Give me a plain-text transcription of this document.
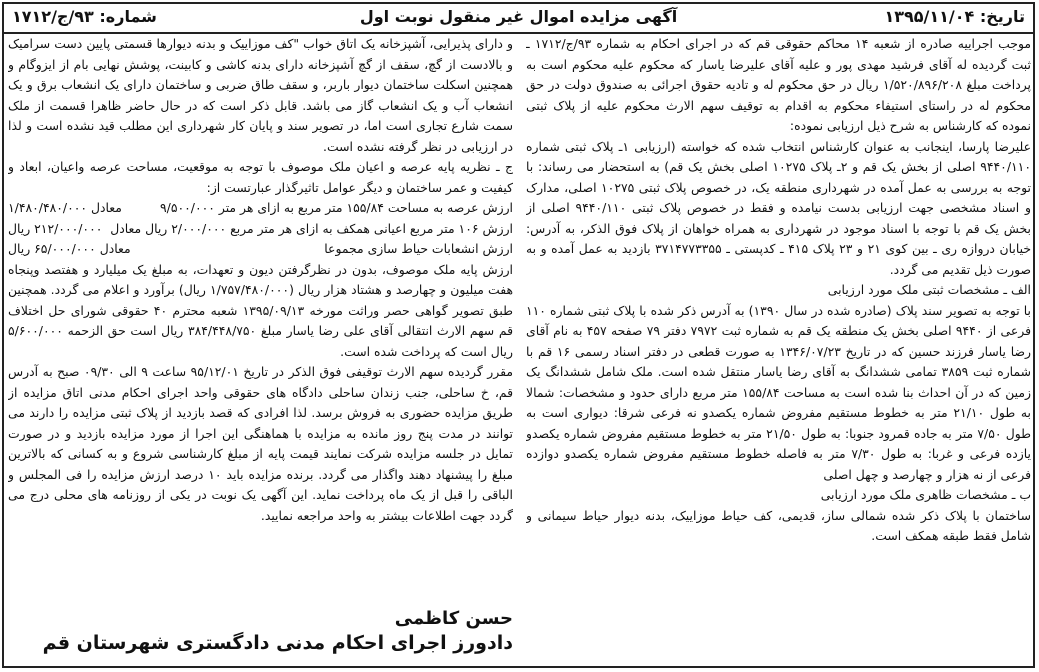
آگهی مزایده اموال غیر منقول نوبت اول	تاریخ: ۱۳۹۵/۱۱/۰۴
شماره: ۹۳/ج/۱۷۱۲

موجب اجراییه صادره از شعبه ۱۴ محاکم حقوقی قم که در اجرای احکام به شماره ۹۳/ج/۱۷۱۲ ـ ثبت گردیده له آقای فرشید مهدی پور و علیه آقای علیرضا یاسار که محکوم علیه محکوم است به پرداخت مبلغ ۱/۵۲۰/۸۹۶/۲۰۸ ریال در حق محکوم له و تادیه حقوق اجرائی به صندوق دولت در حق محکوم له در راستای استیفاء محکوم به اقدام به توقیف سهم الارث محکوم علیه از پلاک ثبتی نموده که کارشناس به شرح ذیل ارزیابی نموده:

علیرضا پارسا، اینجانب به عنوان کارشناس انتخاب شده که خواسته (ارزیابی ۱ـ پلاک ثبتی شماره ۹۴۴۰/۱۱۰ اصلی از بخش یک قم و ۲ـ پلاک ۱۰۲۷۵ اصلی بخش یک قم) به استحضار می رساند: با توجه به بررسی به عمل آمده در شهرداری منطقه یک، در خصوص پلاک ثبتی ۱۰۲۷۵ اصلی، مدارک و اسناد مشخصی جهت ارزیابی بدست نیامده و فقط در خصوص پلاک ثبتی ۹۴۴۰/۱۱۰ اصلی از بخش یک قم با توجه با اسناد موجود در شهرداری به همراه خواهان از پلاک فوق الذکر، به آدرس: خیابان دروازه ری ـ بین کوی ۲۱ و ۲۳ پلاک ۴۱۵ ـ کدپستی ـ ۳۷۱۴۷۷۳۳۵۵ بازدید به عمل آمده و به صورت ذیل تقدیم می گردد.

الف ـ مشخصات ثبتی ملک مورد ارزیابی

با توجه به تصویر سند پلاک (صادره شده در سال ۱۳۹۰) به آدرس ذکر شده با پلاک ثبتی شماره ۱۱۰ فرعی از ۹۴۴۰ اصلی بخش یک منطقه یک قم به شماره ثبت ۷۹۷۲ دفتر ۷۹ صفحه ۴۵۷ به نام آقای رضا یاسار فرزند حسین که در تاریخ ۱۳۴۶/۰۷/۲۳ به صورت قطعی در دفتر اسناد رسمی ۱۶ قم با شماره ثبت ۳۸۵۹ تمامی ششدانگ به آقای رضا یاسار منتقل شده است. ملک شامل ششدانگ یک زمین که در آن احداث بنا شده است به مساحت ۱۵۵/۸۴ متر مربع دارای حدود و مشخصات: شمالا به طول ۲۱/۱۰ متر به خطوط مستقیم مفروض شماره یکصدو نه فرعی شرقا: دیواری است به طول ۷/۵۰ متر به جاده قمرود جنوبا: به طول ۲۱/۵۰ متر به خطوط مستقیم مفروض شماره یکصدو یازده فرعی و غربا: به طول ۷/۳۰ متر به فاصله خطوط مستقیم مفروض شماره یکصدو دوازده فرعی از نه هزار و چهارصد و چهل اصلی

ب ـ مشخصات ظاهری ملک مورد ارزیابی

ساختمان با پلاک ذکر شده شمالی ساز، قدیمی، کف حیاط موزاییک، بدنه دیوار حیاط سیمانی و شامل فقط طبقه همکف است.

و دارای پذیرایی، آشپزخانه یک اتاق خواب "کف موزاییک و بدنه دیوارها قسمتی پایین دست سرامیک و بالادست از گچ، سقف از گچ آشپزخانه دارای بدنه کاشی و کابینت، پوشش نهایی بام از ایزوگام و همچنین اسکلت ساختمان دیوار باربر، و سقف طاق ضربی و ساختمان دارای یک انشعاب برق و یک انشعاب آب و یک انشعاب گاز می باشد. قابل ذکر است که در حال حاضر ظاهرا قسمت از ملک سمت شارع تجاری است اما، در تصویر سند و پایان کار شهرداری این مطلب قید نشده است و لذا در ارزیابی در نظر گرفته نشده است.

ج ـ نظریه پایه عرصه و اعیان ملک موصوف با توجه به موقعیت، مساحت عرصه واعیان، ابعاد و کیفیت و عمر ساختمان و دیگر عوامل تاثیرگذار عبارتست از:

ارزش عرصه به مساحت ۱۵۵/۸۴ متر مربع به ازای هر متر ۹/۵۰۰/۰۰۰
معادل ۱/۴۸۰/۴۸۰/۰۰۰
ارزش ۱۰۶ متر مربع اعیانی همکف به ازای هر متر مربع ۲/۰۰۰/۰۰۰ ریال معادل
۲۱۲/۰۰۰/۰۰۰ ریال
ارزش انشعابات حیاط سازی مجموعا
معادل ۶۵/۰۰۰/۰۰۰ ریال

ارزش پایه ملک موصوف، بدون در نظرگرفتن دیون و تعهدات، به مبلغ یک میلیارد و هفتصد وپنجاه هفت میلیون و چهارصد و هشتاد هزار ریال (۱/۷۵۷/۴۸۰/۰۰۰ ریال) برآورد و اعلام می گردد. همچنین طبق تصویر گواهی حصر وراثت مورخه ۱۳۹۵/۰۹/۱۳ شعبه محترم ۴۰ حقوقی شورای حل اختلاف قم سهم الارث انتقالی آقای علی رضا یاسار مبلغ ۳۸۴/۴۴۸/۷۵۰ ریال است حق الزحمه ۵/۶۰۰/۰۰۰ ریال است که پرداخت شده است.

مقرر گردیده سهم الارث توقیفی فوق الذکر در تاریخ ۹۵/۱۲/۰۱ ساعت ۹ الی ۰۹/۳۰ صبح به آدرس قم، خ ساحلی، جنب زندان ساحلی دادگاه های حقوقی واحد اجرای احکام مدنی اتاق مزایده از طریق مزایده حضوری به فروش برسد. لذا افرادی که قصد بازدید از پلاک ثبتی مزایده را دارند می توانند در مدت پنج روز مانده به مزایده با هماهنگی این اجرا از مورد مزایده بازدید و در صورت تمایل در جلسه مزایده شرکت نمایند قیمت پایه از مبلغ کارشناسی شروع و به کسانی که بالاترین مبلغ را پیشنهاد دهند واگذار می گردد. برنده مزایده باید ۱۰ درصد ارزش مزایده را فی المجلس و الباقی را قبل از یک ماه پرداخت نماید. این آگهی یک نوبت در یکی از روزنامه های محلی درج می گردد جهت اطلاعات بیشتر به واحد مراجعه نمایید.

حسن کاظمی
دادورز اجرای احکام مدنی دادگستری شهرستان قم
